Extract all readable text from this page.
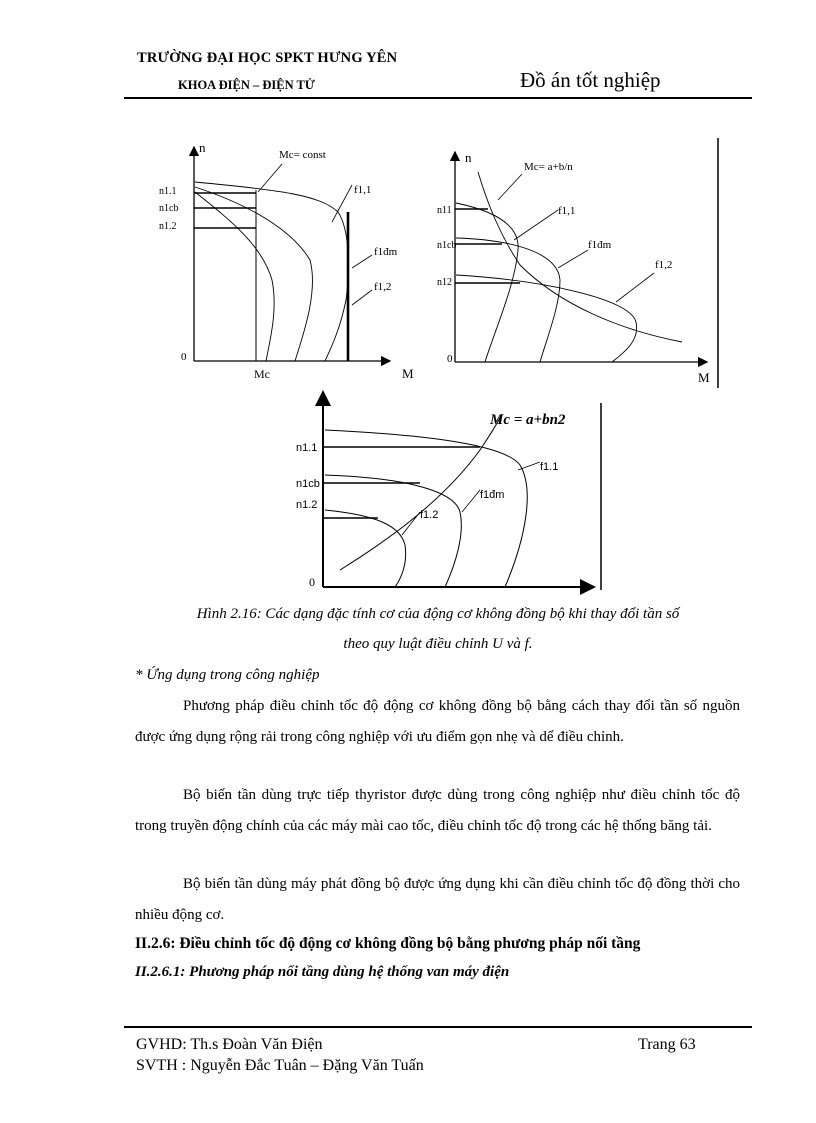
TRƯỜNG ĐẠI HỌC SPKT HƯNG YÊN
KHOA ĐIỆN – ĐIỆN TỬ	Đồ án tốt nghiệp
n
M
0
n1.1
n1cb
n1.2
Mc
Mc= const
f1,1
f1đm
f1,2
n
M
0
n11
n1cb
n12
Mc= a+b/n
f1,1
f1đm
f1,2
0
n1.1
n1cb
n1.2
Mc = a+bn2
f1.1
f1đm
f1.2
Hình 2.16: Các dạng đặc tính cơ của động cơ không đồng bộ khi thay đổi tần số
theo quy luật điều chỉnh U và f.
* Ứng dụng trong công nghiệp
Phương pháp điều chỉnh tốc độ động cơ không đồng bộ bằng cách thay đổi tần số nguồn được ứng dụng rộng rải trong công nghiệp với ưu điểm gọn nhẹ và dể điều chỉnh.
Bộ biến tần dùng trực tiếp thyristor được dùng trong công nghiệp như điều chỉnh tốc độ trong truyền động chính của các máy mài cao tốc, điều chỉnh tốc độ trong các hệ thống băng tải.
Bộ biến tần dùng máy phát đồng bộ được ứng dụng khi cần điều chỉnh tốc độ đồng thời cho nhiều động cơ.
II.2.6: Điều chỉnh tốc độ động cơ không đồng bộ bằng phương pháp nối tầng
II.2.6.1: Phương pháp nối tầng dùng hệ thống van máy điện
GVHD: Th.s Đoàn Văn Điện	Trang 63
SVTH : Nguyễn Đắc Tuân – Đặng Văn Tuấn
